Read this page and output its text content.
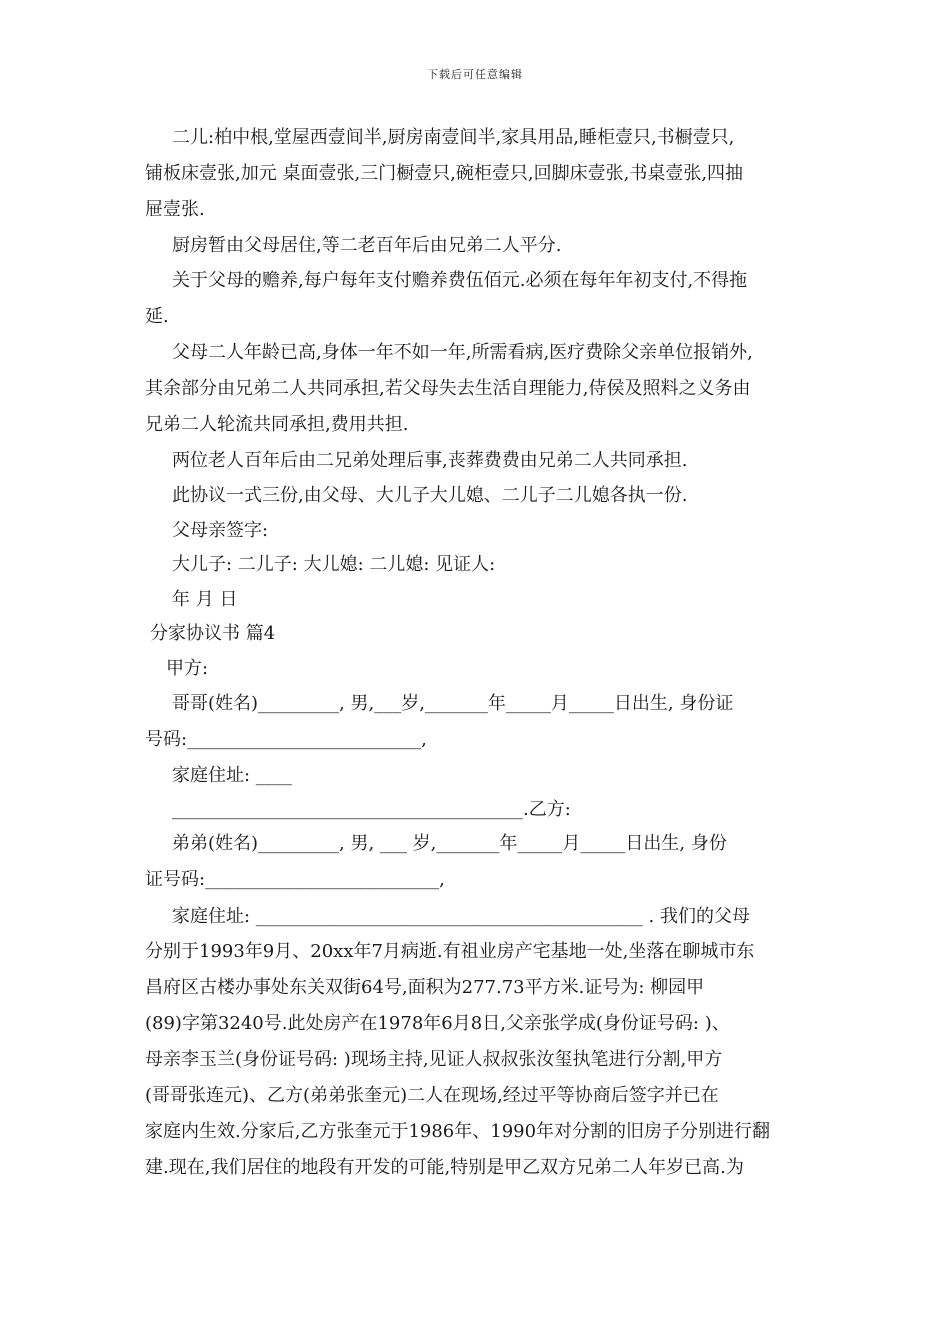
下载后可任意编辑
二儿:柏中根,堂屋西壹间半,厨房南壹间半,家具用品,睡柜壹只,书橱壹只,
铺板床壹张,加元 桌面壹张,三门橱壹只,碗柜壹只,回脚床壹张,书桌壹张,四抽
屉壹张.
厨房暂由父母居住,等二老百年后由兄弟二人平分.
关于父母的赡养,每户每年支付赡养费伍佰元.必须在每年年初支付,不得拖
延.
父母二人年龄已高,身体一年不如一年,所需看病,医疗费除父亲单位报销外,
其余部分由兄弟二人共同承担,若父母失去生活自理能力,侍侯及照料之义务由
兄弟二人轮流共同承担,费用共担.
两位老人百年后由二兄弟处理后事,丧葬费费由兄弟二人共同承担.
此协议一式三份,由父母、大儿子大儿媳、二儿子二儿媳各执一份.
父母亲签字:
大儿子: 二儿子: 大儿媳: 二儿媳: 见证人:
年 月 日
分家协议书 篇4
甲方:
哥哥(姓名)_________, 男,___岁,_______年_____月_____日出生, 身份证
号码:__________________________,
家庭住址: ____
_______________________________________.乙方:
弟弟(姓名)_________, 男, ___ 岁,_______年_____月_____日出生, 身份
证号码:__________________________,
家庭住址: ___________________________________________ . 我们的父母
分别于1993年9月、20xx年7月病逝.有祖业房产宅基地一处,坐落在聊城市东
昌府区古楼办事处东关双街64号,面积为277.73平方米.证号为: 柳园甲
(89)字第3240号.此处房产在1978年6月8日,父亲张学成(身份证号码: )、
母亲李玉兰(身份证号码: )现场主持,见证人叔叔张汝玺执笔进行分割,甲方
(哥哥张连元)、乙方(弟弟张奎元)二人在现场,经过平等协商后签字并已在
家庭内生效.分家后,乙方张奎元于1986年、1990年对分割的旧房子分别进行翻
建.现在,我们居住的地段有开发的可能,特别是甲乙双方兄弟二人年岁已高.为
